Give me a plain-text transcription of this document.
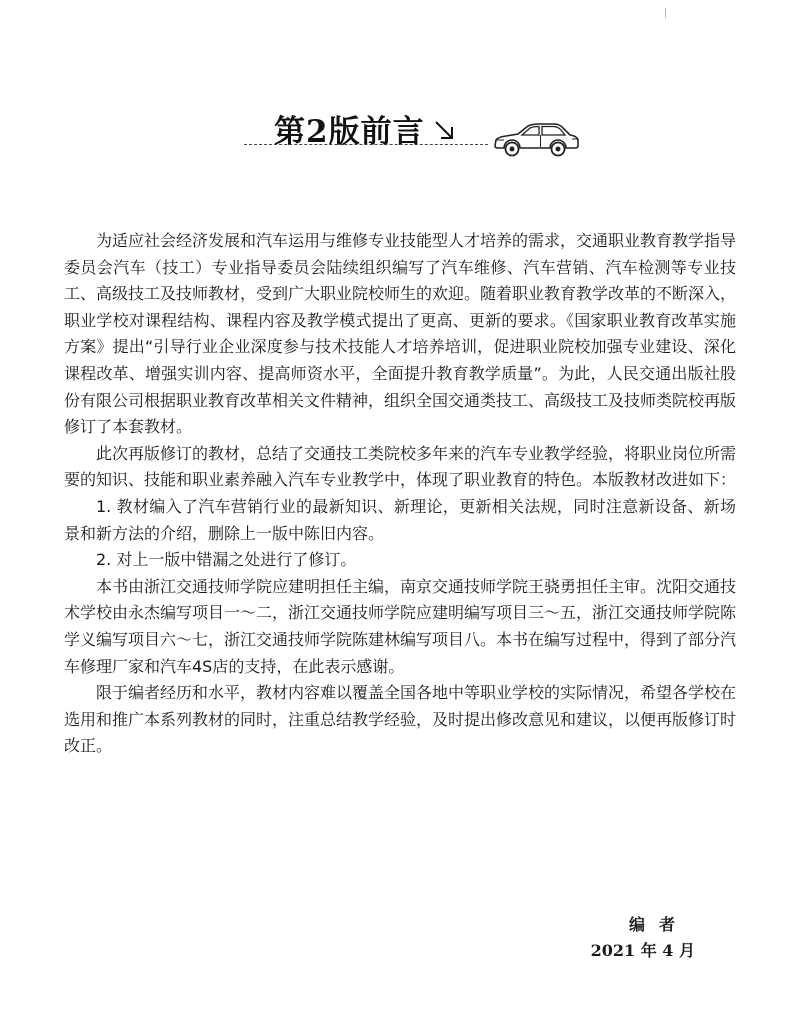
第2版前言

为适应社会经济发展和汽车运用与维修专业技能型人才培养的需求，交通职业教育教学指导委员会汽车（技工）专业指导委员会陆续组织编写了汽车维修、汽车营销、汽车检测等专业技工、高级技工及技师教材，受到广大职业院校师生的欢迎。随着职业教育教学改革的不断深入，职业学校对课程结构、课程内容及教学模式提出了更高、更新的要求。《国家职业教育改革实施方案》提出“引导行业企业深度参与技术技能人才培养培训，促进职业院校加强专业建设、深化课程改革、增强实训内容、提高师资水平，全面提升教育教学质量”。为此，人民交通出版社股份有限公司根据职业教育改革相关文件精神，组织全国交通类技工、高级技工及技师类院校再版修订了本套教材。

此次再版修订的教材，总结了交通技工类院校多年来的汽车专业教学经验，将职业岗位所需要的知识、技能和职业素养融入汽车专业教学中，体现了职业教育的特色。本版教材改进如下：

1. 教材编入了汽车营销行业的最新知识、新理论，更新相关法规，同时注意新设备、新场景和新方法的介绍，删除上一版中陈旧内容。

2. 对上一版中错漏之处进行了修订。

本书由浙江交通技师学院应建明担任主编，南京交通技师学院王骁勇担任主审。沈阳交通技术学校由永杰编写项目一～二，浙江交通技师学院应建明编写项目三～五，浙江交通技师学院陈学义编写项目六～七，浙江交通技师学院陈建林编写项目八。本书在编写过程中，得到了部分汽车修理厂家和汽车4S店的支持，在此表示感谢。

限于编者经历和水平，教材内容难以覆盖全国各地中等职业学校的实际情况，希望各学校在选用和推广本系列教材的同时，注重总结教学经验，及时提出修改意见和建议，以便再版修订时改正。

编者
2021 年 4 月
